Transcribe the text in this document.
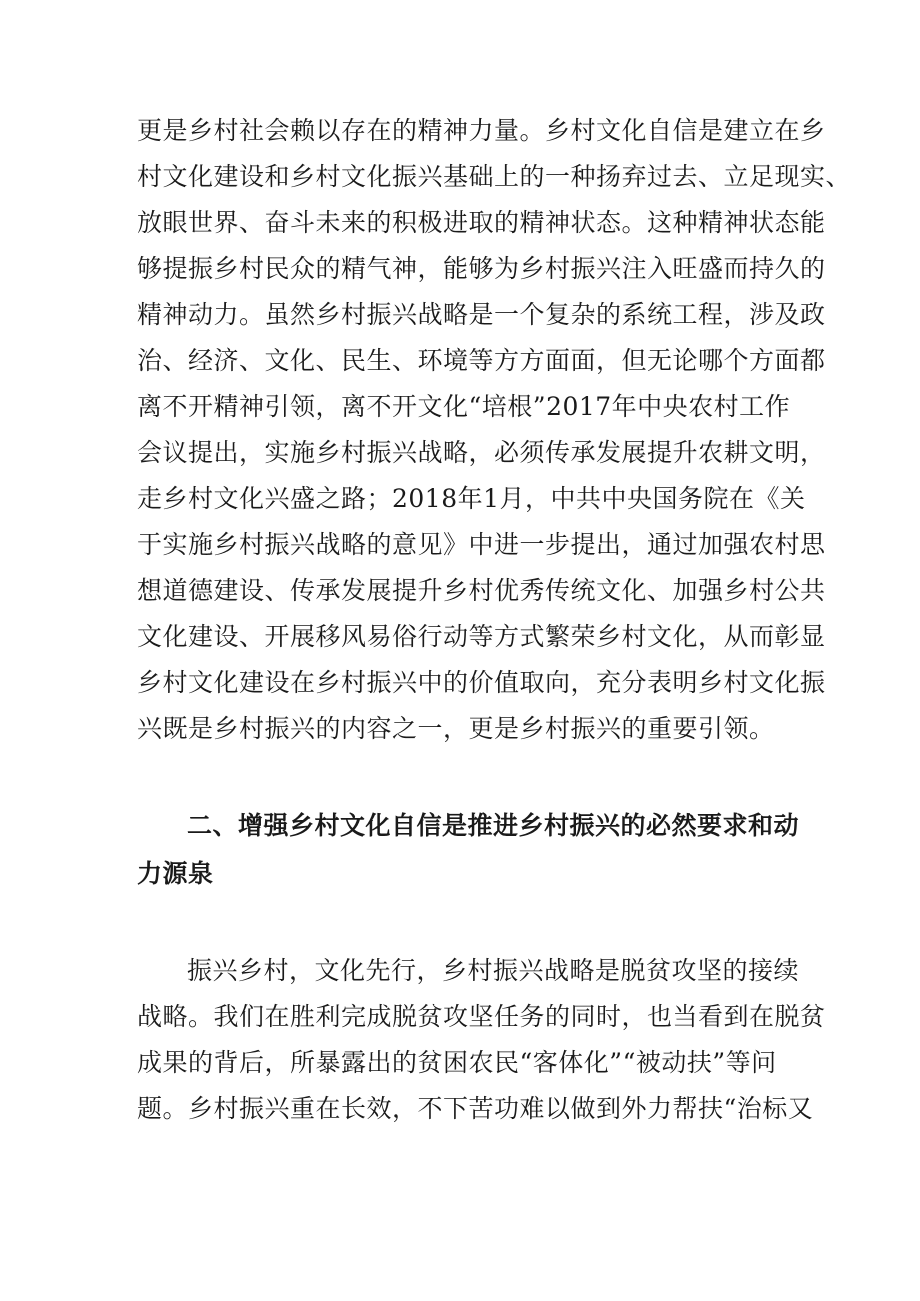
更是乡村社会赖以存在的精神力量。乡村文化自信是建立在乡
村文化建设和乡村文化振兴基础上的一种扬弃过去、立足现实、
放眼世界、奋斗未来的积极进取的精神状态。这种精神状态能
够提振乡村民众的精气神，能够为乡村振兴注入旺盛而持久的
精神动力。虽然乡村振兴战略是一个复杂的系统工程，涉及政
治、经济、文化、民生、环境等方方面面，但无论哪个方面都
离不开精神引领，离不开文化“培根”2017年中央农村工作
会议提出，实施乡村振兴战略，必须传承发展提升农耕文明，
走乡村文化兴盛之路；2018年1月，中共中央国务院在《关
于实施乡村振兴战略的意见》中进一步提出，通过加强农村思
想道德建设、传承发展提升乡村优秀传统文化、加强乡村公共
文化建设、开展移风易俗行动等方式繁荣乡村文化，从而彰显
乡村文化建设在乡村振兴中的价值取向，充分表明乡村文化振
兴既是乡村振兴的内容之一，更是乡村振兴的重要引领。
二、增强乡村文化自信是推进乡村振兴的必然要求和动
力源泉
振兴乡村，文化先行，乡村振兴战略是脱贫攻坚的接续
战略。我们在胜利完成脱贫攻坚任务的同时，也当看到在脱贫
成果的背后，所暴露出的贫困农民“客体化”“被动扶”等问
题。乡村振兴重在长效，不下苦功难以做到外力帮扶“治标又
